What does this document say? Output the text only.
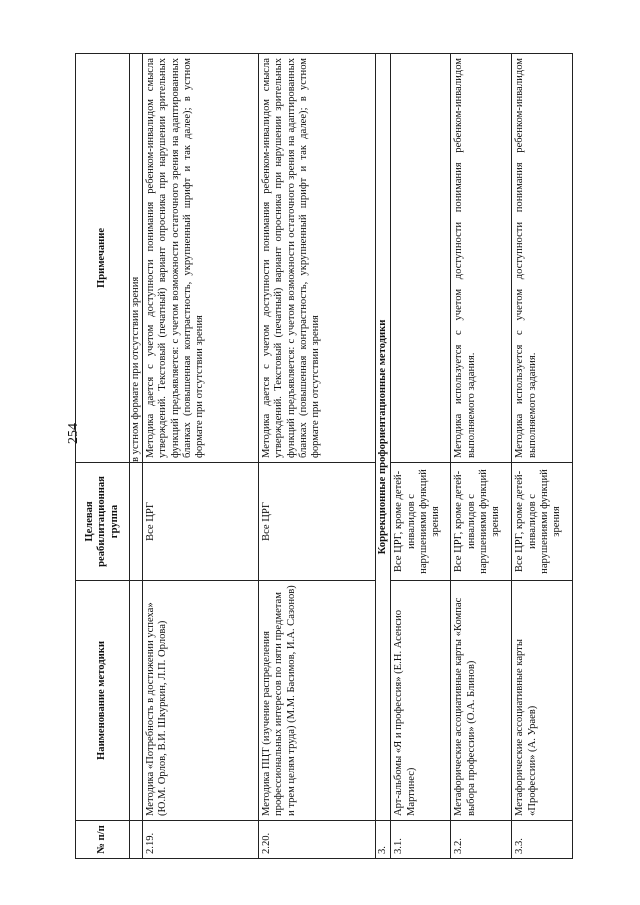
254
№ п/п	Наименование методики	Целевая реабилитационная группа	Примечание
			в устном формате при отсутствии зрения
2.19.	Методика «Потребность в достижении успеха» (Ю.М. Орлов, В.И. Шкуркин, Л.П. Орлова)	Все ЦРГ	Методика дается с учетом доступности понимания ребенком-инвалидом смысла утверждений. Текстовый (печатный) вариант опросника при нарушении зрительных функций предъявляется: с учетом возможности остаточного зрения на адаптированных бланках (повышенная контрастность, укрупненный шрифт и так далее); в устном формате при отсутствии зрения
2.20.	Методика ПЦТ (изучение распределения профессиональных интересов по пяти предметам и трем целям труда) (М.М. Басимов, И.А. Сазонов)	Все ЦРГ	Методика дается с учетом доступности понимания ребенком-инвалидом смысла утверждений. Текстовый (печатный) вариант опросника при нарушении зрительных функций предъявляется: с учетом возможности остаточного зрения на адаптированных бланках (повышенная контрастность, укрупненный шрифт и так далее); в устном формате при отсутствии зрения
3.	Коррекционные профориентационные методики		
3.1.	Арт-альбомы «Я и профессия» (Е.Н. Асенсио Мартинес)	Все ЦРГ, кроме детей-инвалидов с нарушениями функций зрения	
3.2.	Метафорические ассоциативные карты «Компас выбора профессии» (О.А. Блинов)	Все ЦРГ, кроме детей-инвалидов с нарушениями функций зрения	Методика используется с учетом доступности понимания ребенком-инвалидом выполняемого задания.
3.3.	Метафорические ассоциативные карты «Профессии» (А. Ураев)	Все ЦРГ, кроме детей-инвалидов с нарушениями функций зрения	Методика используется с учетом доступности понимания ребенком-инвалидом выполняемого задания.
